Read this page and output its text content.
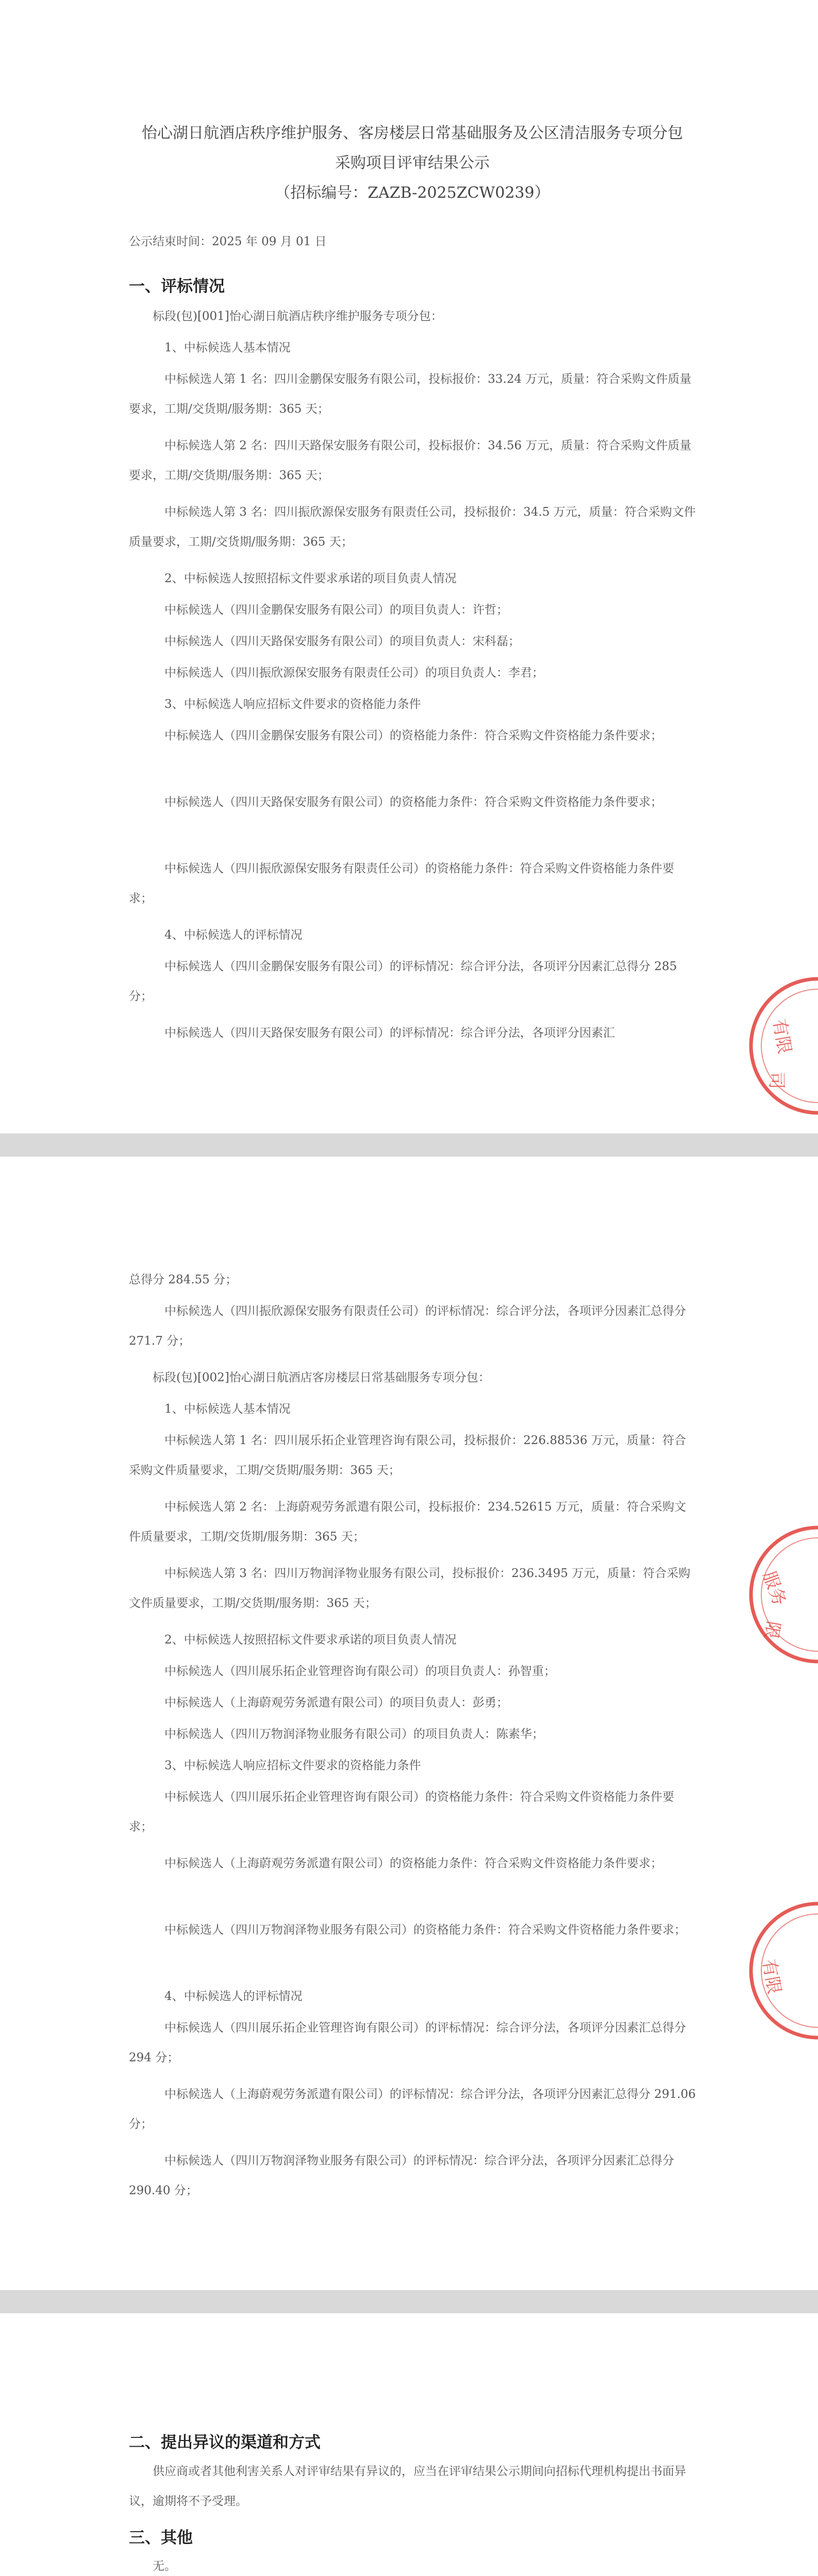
怡心湖日航酒店秩序维护服务、客房楼层日常基础服务及公区清洁服务专项分包
采购项目评审结果公示
（招标编号：ZAZB-2025ZCW0239）
公示结束时间：2025 年 09 月 01 日
一、评标情况
标段(包)[001]怡心湖日航酒店秩序维护服务专项分包：
1、中标候选人基本情况
中标候选人第 1 名：四川金鹏保安服务有限公司，投标报价：33.24 万元，质量：符合采购文件质量要求，工期/交货期/服务期：365 天；
中标候选人第 2 名：四川天路保安服务有限公司，投标报价：34.56 万元，质量：符合采购文件质量要求，工期/交货期/服务期：365 天；
中标候选人第 3 名：四川振欣源保安服务有限责任公司，投标报价：34.5 万元，质量：符合采购文件质量要求，工期/交货期/服务期：365 天；
2、中标候选人按照招标文件要求承诺的项目负责人情况
中标候选人（四川金鹏保安服务有限公司）的项目负责人：许哲；
中标候选人（四川天路保安服务有限公司）的项目负责人：宋科磊；
中标候选人（四川振欣源保安服务有限责任公司）的项目负责人：李君；
3、中标候选人响应招标文件要求的资格能力条件
中标候选人（四川金鹏保安服务有限公司）的资格能力条件：符合采购文件资格能力条件要求；
中标候选人（四川天路保安服务有限公司）的资格能力条件：符合采购文件资格能力条件要求；
中标候选人（四川振欣源保安服务有限责任公司）的资格能力条件：符合采购文件资格能力条件要求；
4、中标候选人的评标情况
中标候选人（四川金鹏保安服务有限公司）的评标情况：综合评分法，各项评分因素汇总得分 285 分；
中标候选人（四川天路保安服务有限公司）的评标情况：综合评分法，各项评分因素汇	有限
司
总得分 284.55 分；
中标候选人（四川振欣源保安服务有限责任公司）的评标情况：综合评分法，各项评分因素汇总得分 271.7 分；
标段(包)[002]怡心湖日航酒店客房楼层日常基础服务专项分包：
1、中标候选人基本情况
中标候选人第 1 名：四川展乐拓企业管理咨询有限公司，投标报价：226.88536 万元，质量：符合采购文件质量要求，工期/交货期/服务期：365 天；
中标候选人第 2 名：上海蔚观劳务派遣有限公司，投标报价：234.52615 万元，质量：符合采购文件质量要求，工期/交货期/服务期：365 天；
中标候选人第 3 名：四川万物润泽物业服务有限公司，投标报价：236.3495 万元，质量：符合采购文件质量要求，工期/交货期/服务期：365 天；
2、中标候选人按照招标文件要求承诺的项目负责人情况
中标候选人（四川展乐拓企业管理咨询有限公司）的项目负责人：孙智重；
中标候选人（上海蔚观劳务派遣有限公司）的项目负责人：彭勇；
中标候选人（四川万物润泽物业服务有限公司）的项目负责人：陈素华；
3、中标候选人响应招标文件要求的资格能力条件
中标候选人（四川展乐拓企业管理咨询有限公司）的资格能力条件：符合采购文件资格能力条件要求；
中标候选人（上海蔚观劳务派遣有限公司）的资格能力条件：符合采购文件资格能力条件要求；
中标候选人（四川万物润泽物业服务有限公司）的资格能力条件：符合采购文件资格能力条件要求；
4、中标候选人的评标情况
中标候选人（四川展乐拓企业管理咨询有限公司）的评标情况：综合评分法，各项评分因素汇总得分 294 分；
中标候选人（上海蔚观劳务派遣有限公司）的评标情况：综合评分法，各项评分因素汇总得分 291.06 分；
中标候选人（四川万物润泽物业服务有限公司）的评标情况：综合评分法，各项评分因素汇总得分 290.40 分；
服务
限
有限
二、提出异议的渠道和方式
供应商或者其他利害关系人对评审结果有异议的，应当在评审结果公示期间向招标代理机构提出书面异议，逾期将不予受理。
三、其他
无。
